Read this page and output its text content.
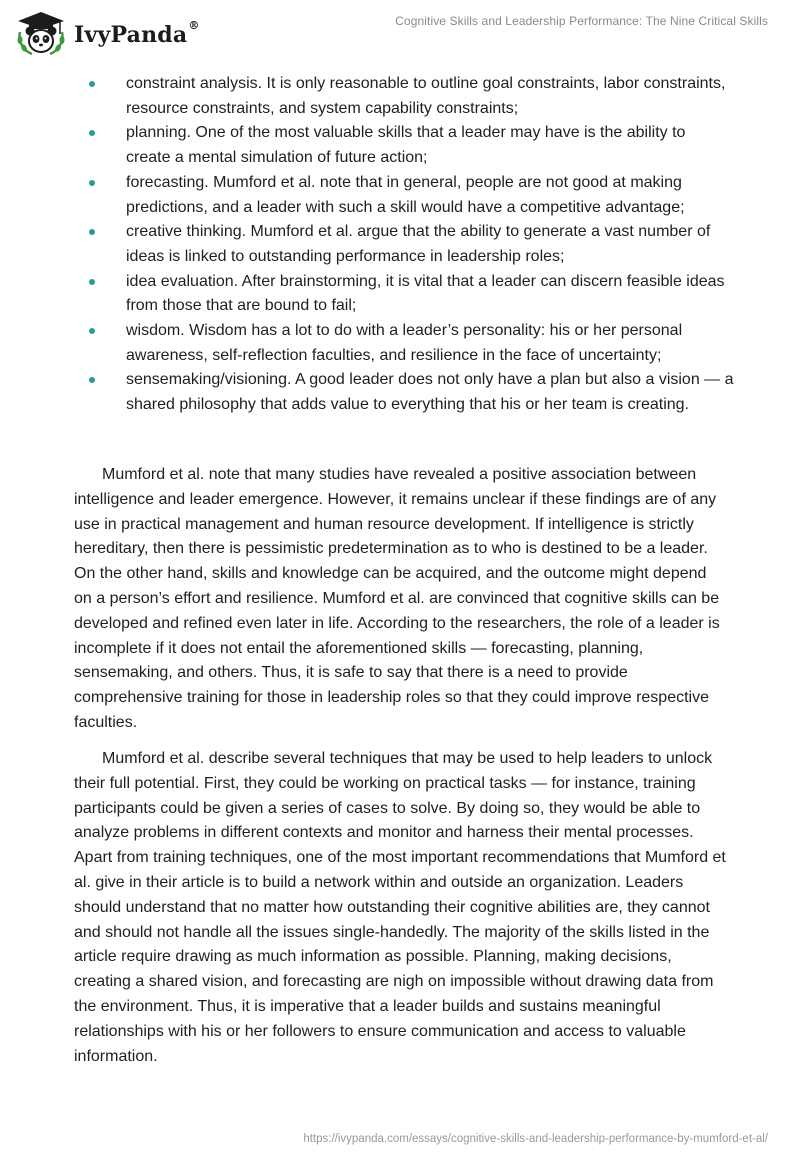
IvyPanda®	Cognitive Skills and Leadership Performance: The Nine Critical Skills
constraint analysis. It is only reasonable to outline goal constraints, labor constraints, resource constraints, and system capability constraints;
planning. One of the most valuable skills that a leader may have is the ability to create a mental simulation of future action;
forecasting. Mumford et al. note that in general, people are not good at making predictions, and a leader with such a skill would have a competitive advantage;
creative thinking. Mumford et al. argue that the ability to generate a vast number of ideas is linked to outstanding performance in leadership roles;
idea evaluation. After brainstorming, it is vital that a leader can discern feasible ideas from those that are bound to fail;
wisdom. Wisdom has a lot to do with a leader’s personality: his or her personal awareness, self-reflection faculties, and resilience in the face of uncertainty;
sensemaking/visioning. A good leader does not only have a plan but also a vision — a shared philosophy that adds value to everything that his or her team is creating.

Mumford et al. note that many studies have revealed a positive association between intelligence and leader emergence. However, it remains unclear if these findings are of any use in practical management and human resource development. If intelligence is strictly hereditary, then there is pessimistic predetermination as to who is destined to be a leader. On the other hand, skills and knowledge can be acquired, and the outcome might depend on a person’s effort and resilience. Mumford et al. are convinced that cognitive skills can be developed and refined even later in life. According to the researchers, the role of a leader is incomplete if it does not entail the aforementioned skills — forecasting, planning, sensemaking, and others. Thus, it is safe to say that there is a need to provide comprehensive training for those in leadership roles so that they could improve respective faculties.

Mumford et al. describe several techniques that may be used to help leaders to unlock their full potential. First, they could be working on practical tasks — for instance, training participants could be given a series of cases to solve. By doing so, they would be able to analyze problems in different contexts and monitor and harness their mental processes. Apart from training techniques, one of the most important recommendations that Mumford et al. give in their article is to build a network within and outside an organization. Leaders should understand that no matter how outstanding their cognitive abilities are, they cannot and should not handle all the issues single-handedly. The majority of the skills listed in the article require drawing as much information as possible. Planning, making decisions, creating a shared vision, and forecasting are nigh on impossible without drawing data from the environment. Thus, it is imperative that a leader builds and sustains meaningful relationships with his or her followers to ensure communication and access to valuable information.

https://ivypanda.com/essays/cognitive-skills-and-leadership-performance-by-mumford-et-al/
